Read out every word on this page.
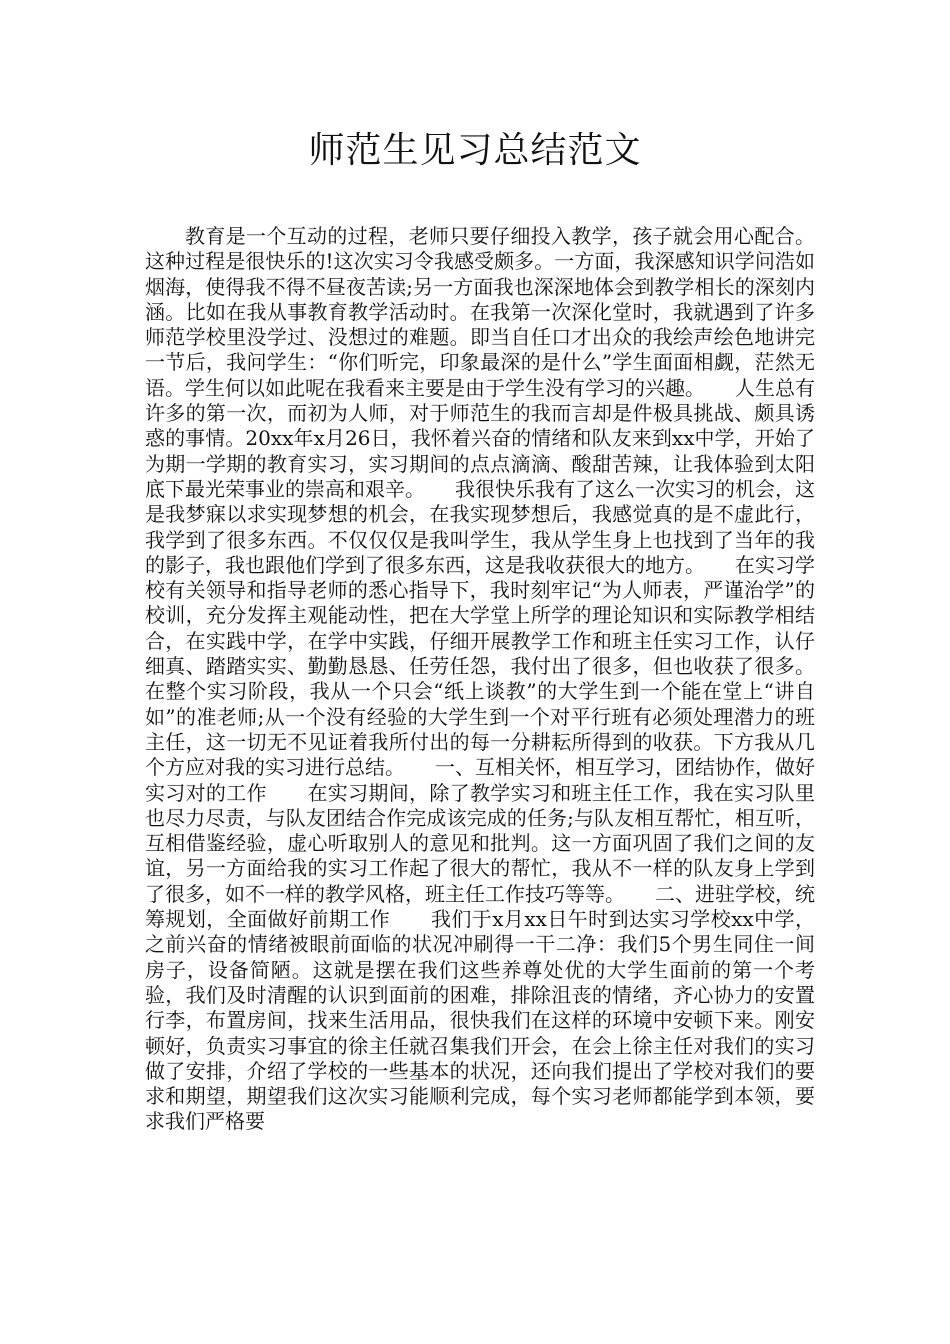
师范生见习总结范文

教育是一个互动的过程，老师只要仔细投入教学，孩子就会用心配合。这种过程是很快乐的!这次实习令我感受颇多。一方面，我深感知识学问浩如烟海，使得我不得不昼夜苦读;另一方面我也深深地体会到教学相长的深刻内涵。比如在我从事教育教学活动时。在我第一次深化堂时，我就遇到了许多师范学校里没学过、没想过的难题。即当自任口才出众的我绘声绘色地讲完一节后，我问学生：“你们听完，印象最深的是什么”学生面面相觑，茫然无语。学生何以如此呢在我看来主要是由于学生没有学习的兴趣。　　人生总有许多的第一次，而初为人师，对于师范生的我而言却是件极具挑战、颇具诱惑的事情。20xx年x月26日，我怀着兴奋的情绪和队友来到xx中学，开始了为期一学期的教育实习，实习期间的点点滴滴、酸甜苦辣，让我体验到太阳底下最光荣事业的崇高和艰辛。　　我很快乐我有了这么一次实习的机会，这是我梦寐以求实现梦想的机会，在我实现梦想后，我感觉真的是不虚此行，我学到了很多东西。不仅仅仅是我叫学生，我从学生身上也找到了当年的我的影子，我也跟他们学到了很多东西，这是我收获很大的地方。　　在实习学校有关领导和指导老师的悉心指导下，我时刻牢记“为人师表，严谨治学”的校训，充分发挥主观能动性，把在大学堂上所学的理论知识和实际教学相结合，在实践中学，在学中实践，仔细开展教学工作和班主任实习工作，认仔细真、踏踏实实、勤勤恳恳、任劳任怨，我付出了很多，但也收获了很多。在整个实习阶段，我从一个只会“纸上谈教”的大学生到一个能在堂上“讲自如”的准老师;从一个没有经验的大学生到一个对平行班有必须处理潜力的班主任，这一切无不见证着我所付出的每一分耕耘所得到的收获。下方我从几个方应对我的实习进行总结。　　一、互相关怀，相互学习，团结协作，做好实习对的工作　　在实习期间，除了教学实习和班主任工作，我在实习队里也尽力尽责，与队友团结合作完成该完成的任务;与队友相互帮忙，相互听，互相借鉴经验，虚心听取别人的意见和批判。这一方面巩固了我们之间的友谊，另一方面给我的实习工作起了很大的帮忙，我从不一样的队友身上学到了很多，如不一样的教学风格，班主任工作技巧等等。　　二、进驻学校，统筹规划，全面做好前期工作　　我们于x月xx日午时到达实习学校xx中学，之前兴奋的情绪被眼前面临的状况冲刷得一干二净：我们5个男生同住一间房子，设备简陋。这就是摆在我们这些养尊处优的大学生面前的第一个考验，我们及时清醒的认识到面前的困难，排除沮丧的情绪，齐心协力的安置行李，布置房间，找来生活用品，很快我们在这样的环境中安顿下来。刚安顿好，负责实习事宜的徐主任就召集我们开会，在会上徐主任对我们的实习做了安排，介绍了学校的一些基本的状况，还向我们提出了学校对我们的要求和期望，期望我们这次实习能顺利完成，每个实习老师都能学到本领，要求我们严格要
